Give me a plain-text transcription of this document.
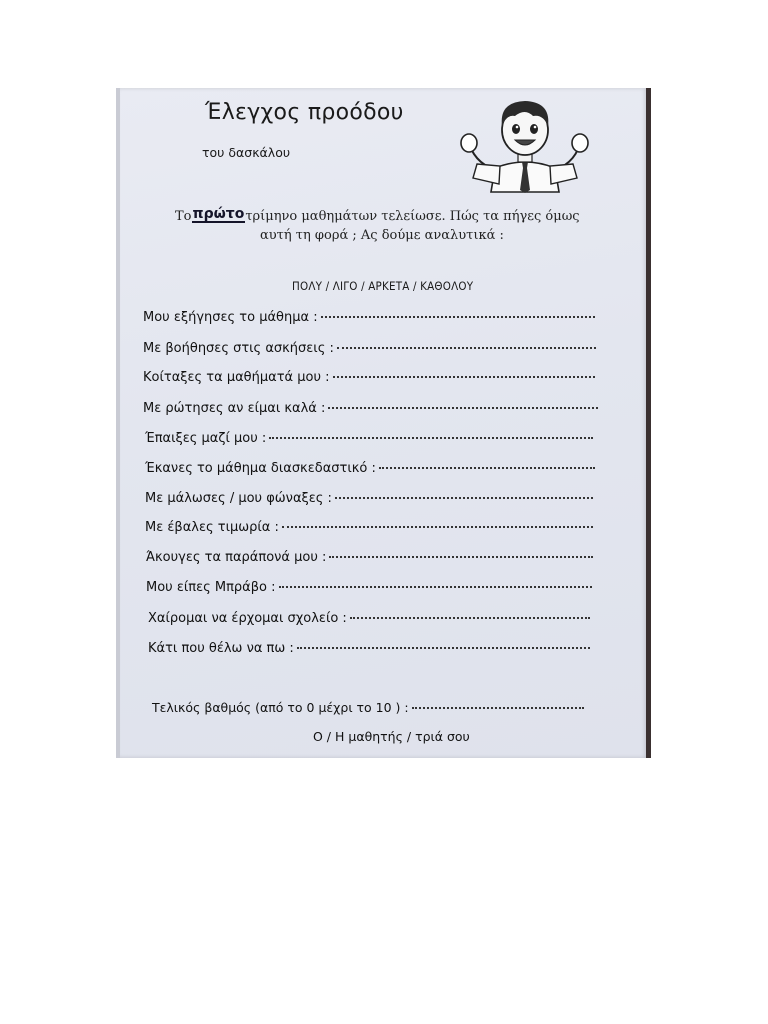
Έλεγχος προόδου
του δασκάλου
Τοπρώτοτρίμηνο μαθημάτων τελείωσε. Πώς τα πήγες όμως
αυτή τη φορά ; Ας δούμε αναλυτικά :
ΠΟΛΥ / ΛΙΓΟ / ΑΡΚΕΤΑ / ΚΑΘΟΛΟΥ
Μου εξήγησες το μάθημα :
Με βοήθησες στις ασκήσεις :
Κοίταξες τα μαθήματά μου :
Με ρώτησες αν είμαι καλά :
Έπαιξες μαζί μου :
Έκανες το μάθημα διασκεδαστικό :
Με μάλωσες / μου φώναξες :
Με έβαλες τιμωρία :
Άκουγες τα παράπονά μου :
Μου είπες Μπράβο :
Χαίρομαι να έρχομαι σχολείο :
Κάτι που θέλω να πω :
Τελικός βαθμός (από το 0 μέχρι το 10 ) :
Ο / Η μαθητής / τριά σου
